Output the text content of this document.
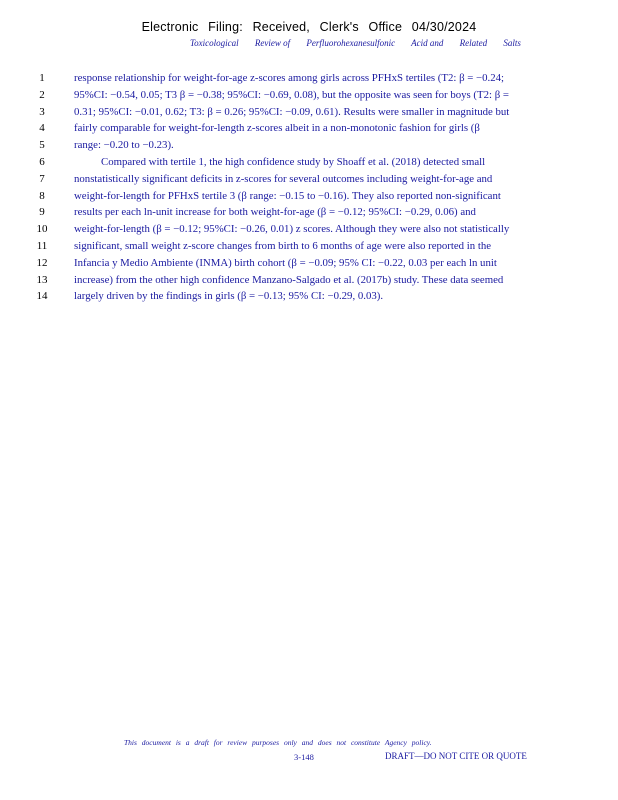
Electronic Filing: Received, Clerk's Office 04/30/2024
Toxicological Review of Perfluorohexanesulfonic Acid and Related Salts
1	response relationship for weight-for-age z-scores among girls across PFHxS tertiles (T2: β = −0.24;
2	95%CI: −0.54, 0.05; T3 β = −0.38; 95%CI: −0.69, 0.08), but the opposite was seen for boys (T2: β =
3	0.31; 95%CI: −0.01, 0.62; T3: β = 0.26; 95%CI: −0.09, 0.61). Results were smaller in magnitude but
4	fairly comparable for weight-for-length z-scores albeit in a non-monotonic fashion for girls (β
5	range: −0.20 to −0.23).
6	Compared with tertile 1, the high confidence study by Shoaff et al. (2018) detected small
7	nonstatistically significant deficits in z-scores for several outcomes including weight-for-age and
8	weight-for-length for PFHxS tertile 3 (β range: −0.15 to −0.16). They also reported non-significant
9	results per each ln-unit increase for both weight-for-age (β = −0.12; 95%CI: −0.29, 0.06) and
10	weight-for-length (β = −0.12; 95%CI: −0.26, 0.01) z scores. Although they were also not statistically
11	significant, small weight z-score changes from birth to 6 months of age were also reported in the
12	Infancia y Medio Ambiente (INMA) birth cohort (β = −0.09; 95% CI: −0.22, 0.03 per each ln unit
13	increase) from the other high confidence Manzano-Salgado et al. (2017b) study. These data seemed
14	largely driven by the findings in girls (β = −0.13; 95% CI: −0.29, 0.03).
This document is a draft for review purposes only and does not constitute Agency policy.
3-148	DRAFT—DO NOT CITE OR QUOTE
